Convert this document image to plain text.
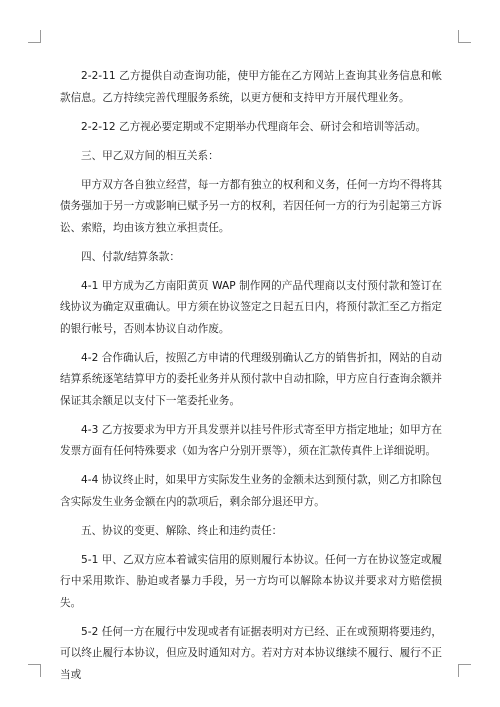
2-2-11 乙方提供自动查询功能，使甲方能在乙方网站上查询其业务信息和帐款信息。乙方持续完善代理服务系统，以更方便和支持甲方开展代理业务。

2-2-12 乙方视必要定期或不定期举办代理商年会、研讨会和培训等活动。

三、甲乙双方间的相互关系：

甲方双方各自独立经营，每一方都有独立的权利和义务，任何一方均不得将其债务强加于另一方或影响已赋予另一方的权利，若因任何一方的行为引起第三方诉讼、索赔，均由该方独立承担责任。

四、付款/结算条款：

4-1 甲方成为乙方南阳黄页 WAP 制作网的产品代理商以支付预付款和签订在线协议为确定双重确认。甲方须在协议签定之日起五日内，将预付款汇至乙方指定的银行帐号，否则本协议自动作废。

4-2 合作确认后，按照乙方申请的代理级别确认乙方的销售折扣，网站的自动结算系统逐笔结算甲方的委托业务并从预付款中自动扣除，甲方应自行查询余额并保证其余额足以支付下一笔委托业务。

4-3 乙方按要求为甲方开具发票并以挂号件形式寄至甲方指定地址；如甲方在发票方面有任何特殊要求（如为客户分别开票等），须在汇款传真件上详细说明。

4-4 协议终止时，如果甲方实际发生业务的金额未达到预付款，则乙方扣除包含实际发生业务金额在内的款项后，剩余部分退还甲方。

五、协议的变更、解除、终止和违约责任：

5-1 甲、乙双方应本着诚实信用的原则履行本协议。任何一方在协议签定或履行中采用欺诈、胁迫或者暴力手段，另一方均可以解除本协议并要求对方赔偿损失。

5-2 任何一方在履行中发现或者有证据表明对方已经、正在或预期将要违约，可以终止履行本协议，但应及时通知对方。若对方对本协议继续不履行、履行不正当或
